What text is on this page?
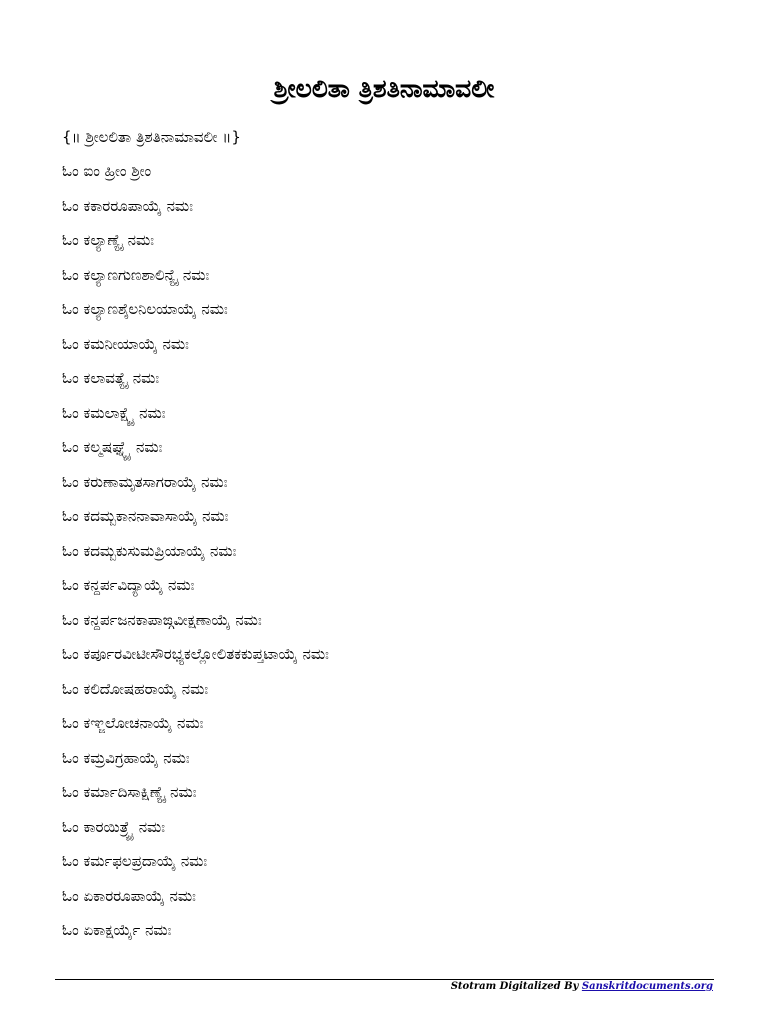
ಶ್ರೀಲಲಿತಾ ತ್ರಿಶತಿನಾಮಾವಲೀ
{॥ ಶ್ರೀಲಲಿತಾ ತ್ರಿಶತಿನಾಮಾವಲೀ ॥}
ಓಂ ಐಂ ಹ್ರೀಂ ಶ್ರೀಂ
ಓಂ ಕಕಾರರೂಪಾಯೈ ನಮಃ
ಓಂ ಕಲ್ಯಾಣ್ಯೈ ನಮಃ
ಓಂ ಕಲ್ಯಾಣಗುಣಶಾಲಿನ್ಯೈ ನಮಃ
ಓಂ ಕಲ್ಯಾಣಶೈಲನಿಲಯಾಯೈ ನಮಃ
ಓಂ ಕಮನೀಯಾಯೈ ನಮಃ
ಓಂ ಕಲಾವತ್ಯೈ ನಮಃ
ಓಂ ಕಮಲಾಕ್ಷ್ಯೈ ನಮಃ
ಓಂ ಕಲ್ಮಷಘ್ನ್ಯೈ ನಮಃ
ಓಂ ಕರುಣಾಮೃತಸಾಗರಾಯೈ ನಮಃ
ಓಂ ಕದಮ್ಬಕಾನನಾವಾಸಾಯೈ ನಮಃ
ಓಂ ಕದಮ್ಬಕುಸುಮಪ್ರಿಯಾಯೈ ನಮಃ
ಓಂ ಕನ್ದರ್ಪವಿದ್ಯಾಯೈ ನಮಃ
ಓಂ ಕನ್ದರ್ಪಜನಕಾಪಾಙ್ಗವೀಕ್ಷಣಾಯೈ ನಮಃ
ಓಂ ಕರ್ಪೂರವೀಟೀಸೌರಭ್ಯಕಲ್ಲೋಲಿತಕಕುಪ್ತಟಾಯೈ ನಮಃ
ಓಂ ಕಲಿದೋಷಹರಾಯೈ ನಮಃ
ಓಂ ಕಞ್ಜಲೋಚನಾಯೈ ನಮಃ
ಓಂ ಕಮ್ರವಿಗ್ರಹಾಯೈ ನಮಃ
ಓಂ ಕರ್ಮಾದಿಸಾಕ್ಷಿಣ್ಯೈ ನಮಃ
ಓಂ ಕಾರಯಿತ್ರ್ಯೈ ನಮಃ
ಓಂ ಕರ್ಮಫಲಪ್ರದಾಯೈ ನಮಃ
ಓಂ ಏಕಾರರೂಪಾಯೈ ನಮಃ
ಓಂ ಏಕಾಕ್ಷರ್ಯೈ ನಮಃ
Stotram Digitalized By Sanskritdocuments.org
